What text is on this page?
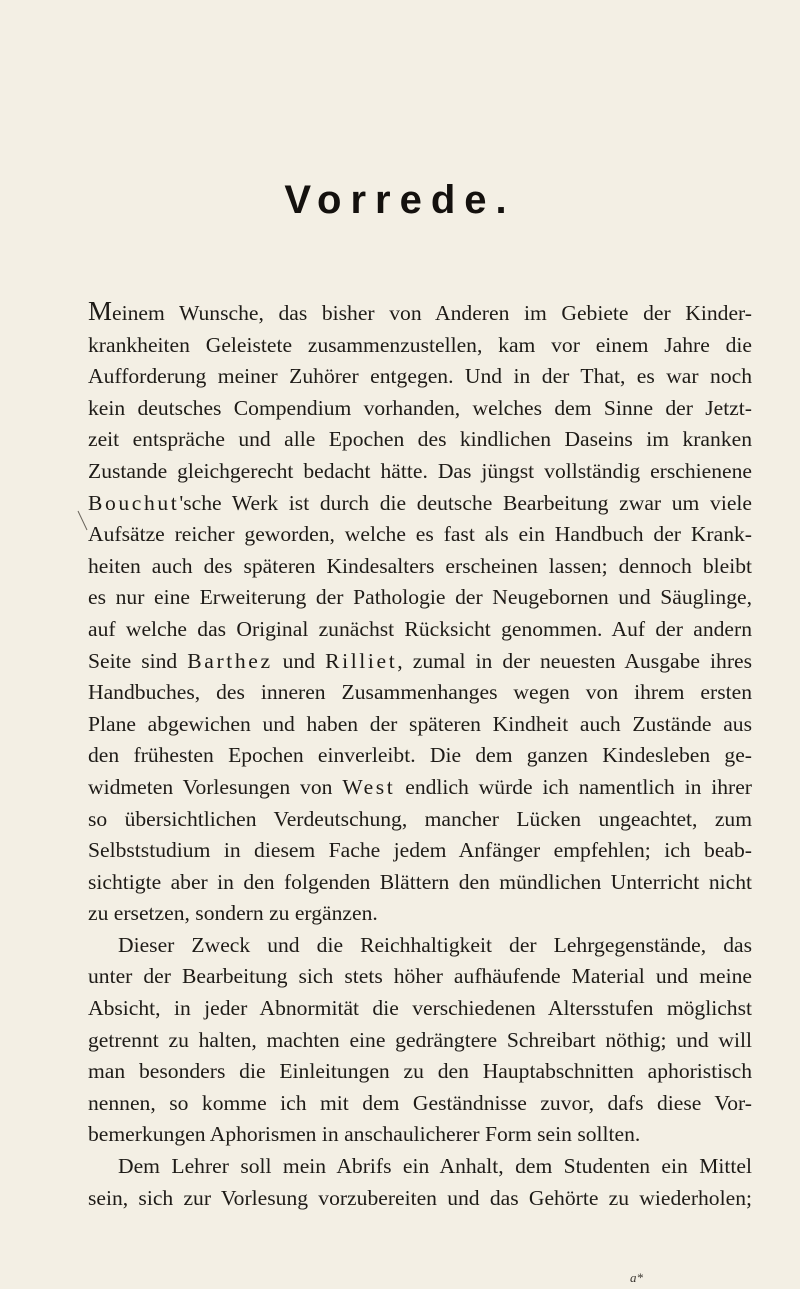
Vorrede.
Meinem Wunsche, das bisher von Anderen im Gebiete der Kinder-
krankheiten Geleistete zusammenzustellen, kam vor einem Jahre die
Aufforderung meiner Zuhörer entgegen. Und in der That, es war noch
kein deutsches Compendium vorhanden, welches dem Sinne der Jetzt-
zeit entspräche und alle Epochen des kindlichen Daseins im kranken
Zustande gleichgerecht bedacht hätte. Das jüngst vollständig erschienene
Bouchut'sche Werk ist durch die deutsche Bearbeitung zwar um viele
Aufsätze reicher geworden, welche es fast als ein Handbuch der Krank-
heiten auch des späteren Kindesalters erscheinen lassen; dennoch bleibt
es nur eine Erweiterung der Pathologie der Neugebornen und Säuglinge,
auf welche das Original zunächst Rücksicht genommen. Auf der andern
Seite sind Barthez und Rilliet, zumal in der neuesten Ausgabe ihres
Handbuches, des inneren Zusammenhanges wegen von ihrem ersten
Plane abgewichen und haben der späteren Kindheit auch Zustände aus
den frühesten Epochen einverleibt. Die dem ganzen Kindesleben ge-
widmeten Vorlesungen von West endlich würde ich namentlich in ihrer
so übersichtlichen Verdeutschung, mancher Lücken ungeachtet, zum
Selbststudium in diesem Fache jedem Anfänger empfehlen; ich beab-
sichtigte aber in den folgenden Blättern den mündlichen Unterricht nicht
zu ersetzen, sondern zu ergänzen.
Dieser Zweck und die Reichhaltigkeit der Lehrgegenstände, das
unter der Bearbeitung sich stets höher aufhäufende Material und meine
Absicht, in jeder Abnormität die verschiedenen Altersstufen möglichst
getrennt zu halten, machten eine gedrängtere Schreibart nöthig; und will
man besonders die Einleitungen zu den Hauptabschnitten aphoristisch
nennen, so komme ich mit dem Geständnisse zuvor, dafs diese Vor-
bemerkungen Aphorismen in anschaulicherer Form sein sollten.
Dem Lehrer soll mein Abrifs ein Anhalt, dem Studenten ein Mittel
sein, sich zur Vorlesung vorzubereiten und das Gehörte zu wiederholen;
a*
